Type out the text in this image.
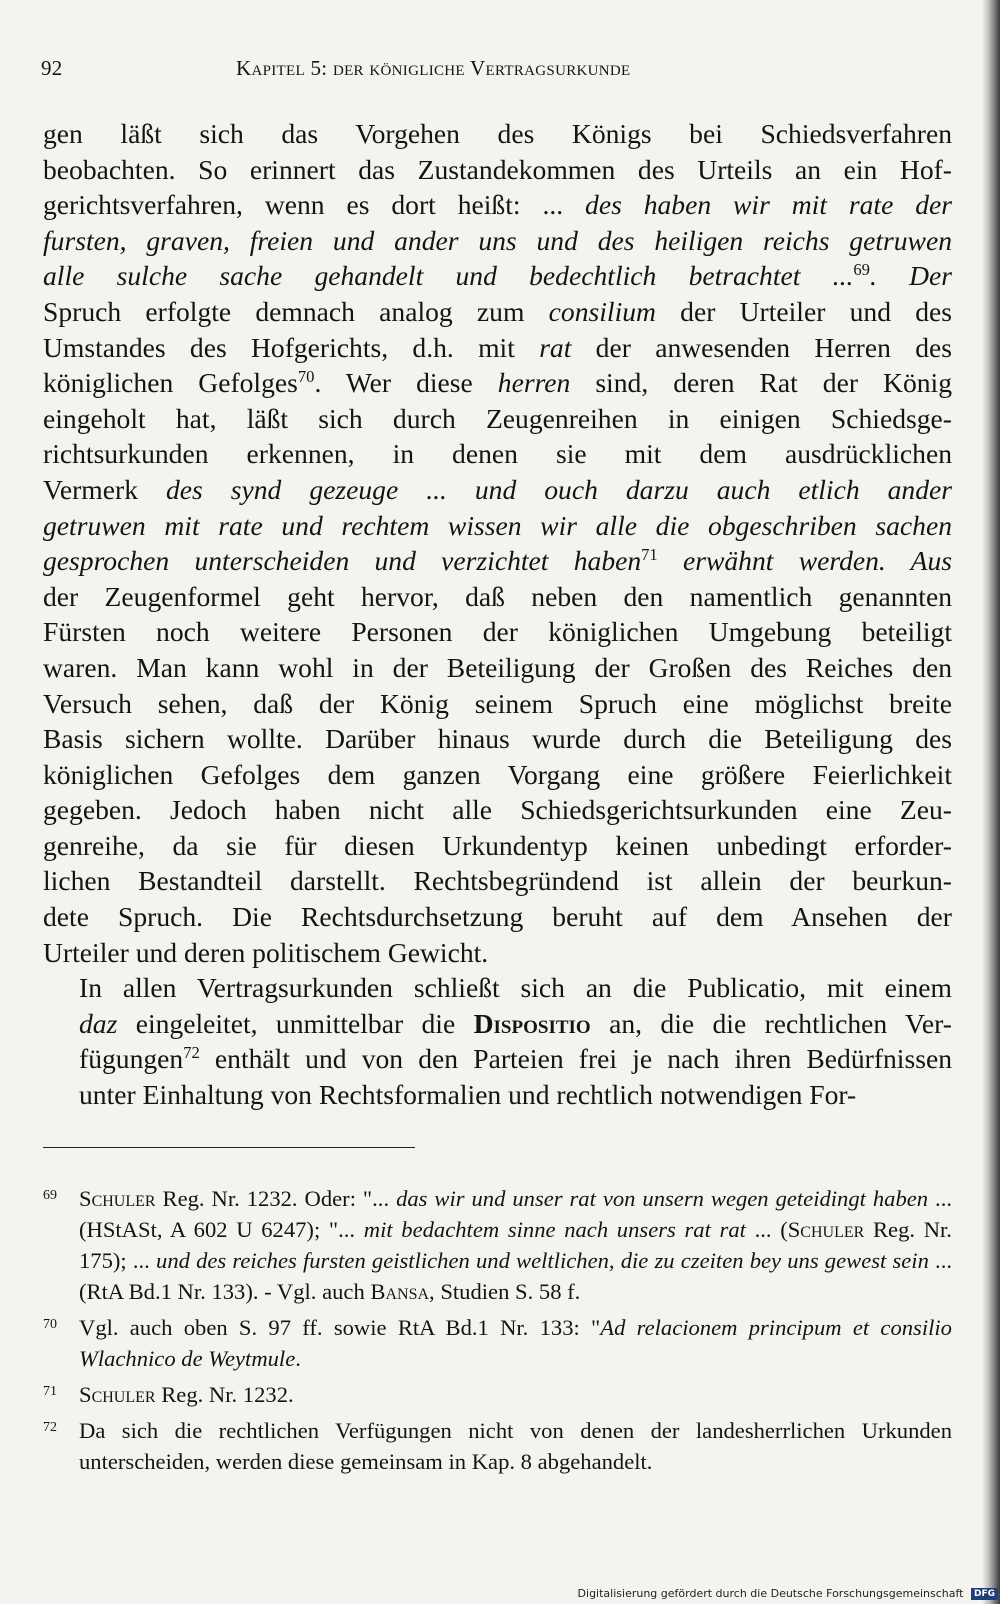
92	Kapitel 5: der königliche Vertragsurkunde

gen läßt sich das Vorgehen des Königs bei Schiedsverfahren
beobachten. So erinnert das Zustandekommen des Urteils an ein Hof-
gerichtsverfahren, wenn es dort heißt: ... des haben wir mit rate der
fursten, graven, freien und ander uns und des heiligen reichs getruwen
alle sulche sache gehandelt und bedechtlich betrachtet ...$^{69}$. Der
Spruch erfolgte demnach analog zum consilium der Urteiler und des
Umstandes des Hofgerichts, d.h. mit rat der anwesenden Herren des
königlichen Gefolges$^{70}$. Wer diese herren sind, deren Rat der König
eingeholt hat, läßt sich durch Zeugenreihen in einigen Schiedsge-
richtsurkunden erkennen, in denen sie mit dem ausdrücklichen
Vermerk des synd gezeuge ... und ouch darzu auch etlich ander
getruwen mit rate und rechtem wissen wir alle die obgeschriben sachen
gesprochen unterscheiden und verzichtet haben$^{71}$ erwähnt werden. Aus
der Zeugenformel geht hervor, daß neben den namentlich genannten
Fürsten noch weitere Personen der königlichen Umgebung beteiligt
waren. Man kann wohl in der Beteiligung der Großen des Reiches den
Versuch sehen, daß der König seinem Spruch eine möglichst breite
Basis sichern wollte. Darüber hinaus wurde durch die Beteiligung des
königlichen Gefolges dem ganzen Vorgang eine größere Feierlichkeit
gegeben. Jedoch haben nicht alle Schiedsgerichtsurkunden eine Zeu-
genreihe, da sie für diesen Urkundentyp keinen unbedingt erforder-
lichen Bestandteil darstellt. Rechtsbegründend ist allein der beurkun-
dete Spruch. Die Rechtsdurchsetzung beruht auf dem Ansehen der
Urteiler und deren politischem Gewicht.

In allen Vertragsurkunden schließt sich an die Publicatio, mit einem
daz eingeleitet, unmittelbar die Dispositio an, die die rechtlichen Ver-
fügungen$^{72}$ enthält und von den Parteien frei je nach ihren Bedürfnissen
unter Einhaltung von Rechtsformalien und rechtlich notwendigen For-

69 Schuler Reg. Nr. 1232. Oder: "... das wir und unser rat von unsern wegen geteidingt haben ... (HStASt, A 602 U 6247); "... mit bedachtem sinne nach unsers rat rat ... (Schuler Reg. Nr. 175); ... und des reiches fursten geistlichen und weltlichen, die zu czeiten bey uns gewest sein ... (RtA Bd.1 Nr. 133). - Vgl. auch Bansa, Studien S. 58 f.
70 Vgl. auch oben S. 97 ff. sowie RtA Bd.1 Nr. 133: "Ad relacionem principum et consilio Wlachnico de Weytmule.
71 Schuler Reg. Nr. 1232.
72 Da sich die rechtlichen Verfügungen nicht von denen der landesherrlichen Urkunden unterscheiden, werden diese gemeinsam in Kap. 8 abgehandelt.
Digitalisierung gefördert durch die Deutsche Forschungsgemeinschaft DFG
